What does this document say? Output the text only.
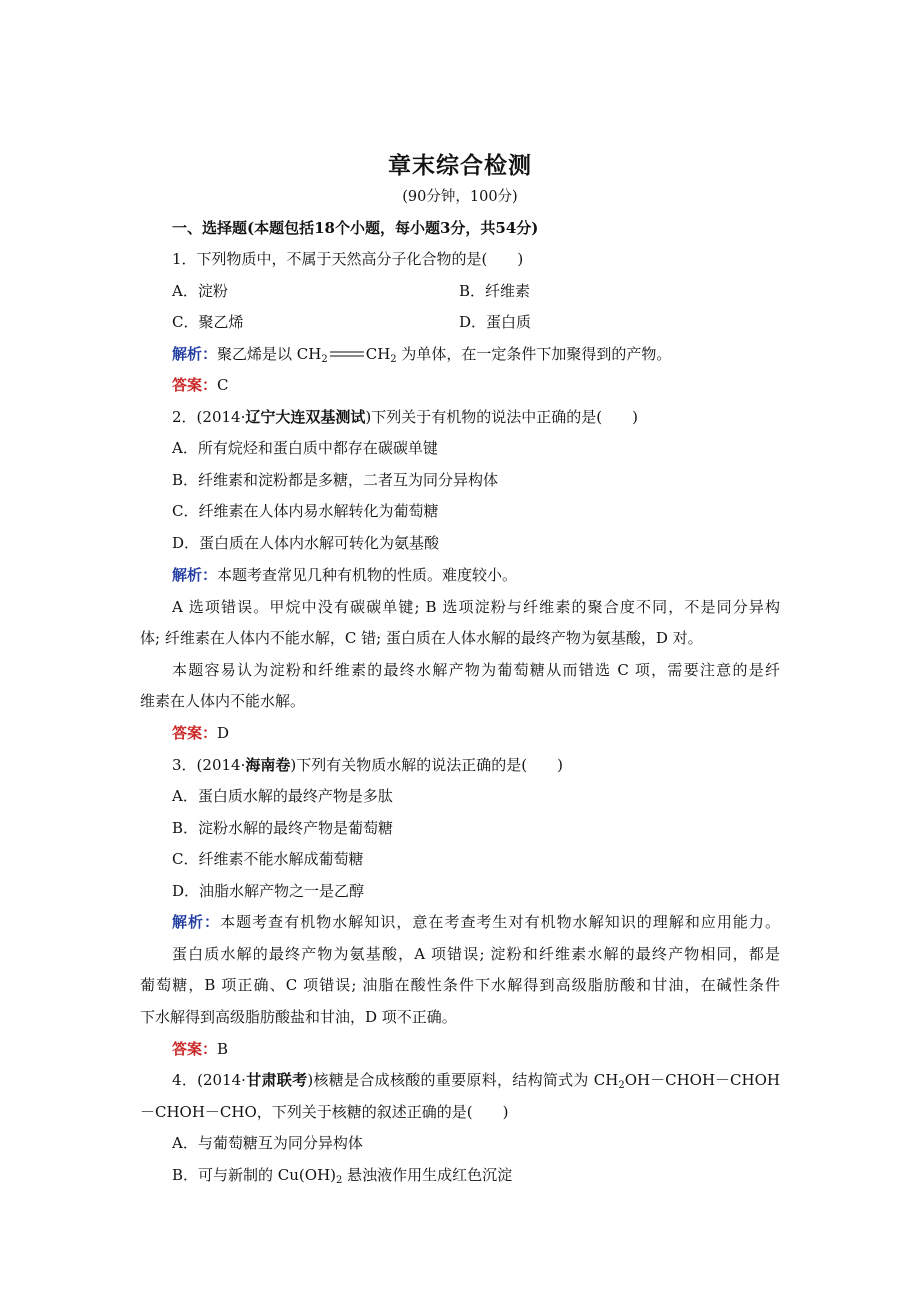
章末综合检测
(90分钟，100分)
一、选择题(本题包括18个小题，每小题3分，共54分)
1．下列物质中，不属于天然高分子化合物的是(　　)
A．淀粉	B．纤维素
C．聚乙烯	D．蛋白质
解析：聚乙烯是以 $CH_2$	$CH_2$ 为单体，在一定条件下加聚得到的产物。
答案：C
2．(2014·辽宁大连双基测试)下列关于有机物的说法中正确的是(　　)
A．所有烷烃和蛋白质中都存在碳碳单键
B．纤维素和淀粉都是多糖，二者互为同分异构体
C．纤维素在人体内易水解转化为葡萄糖
D．蛋白质在人体内水解可转化为氨基酸
解析：本题考查常见几种有机物的性质。难度较小。
A 选项错误。甲烷中没有碳碳单键; B 选项淀粉与纤维素的聚合度不同，不是同分异构
体; 纤维素在人体内不能水解，C 错; 蛋白质在人体水解的最终产物为氨基酸，D 对。
本题容易认为淀粉和纤维素的最终水解产物为葡萄糖从而错选 C 项，需要注意的是纤
维素在人体内不能水解。
答案：D
3．(2014·海南卷)下列有关物质水解的说法正确的是(　　)
A．蛋白质水解的最终产物是多肽
B．淀粉水解的最终产物是葡萄糖
C．纤维素不能水解成葡萄糖
D．油脂水解产物之一是乙醇
解析：本题考查有机物水解知识，意在考查考生对有机物水解知识的理解和应用能力。
蛋白质水解的最终产物为氨基酸，A 项错误; 淀粉和纤维素水解的最终产物相同，都是
葡萄糖，B 项正确、C 项错误; 油脂在酸性条件下水解得到高级脂肪酸和甘油，在碱性条件
下水解得到高级脂肪酸盐和甘油，D 项不正确。
答案：B
4．(2014·甘肃联考)核糖是合成核酸的重要原料，结构简式为 $CH_2OH-CHOH-CHOH$
－CHOH－CHO，下列关于核糖的叙述正确的是(　　)
A．与葡萄糖互为同分异构体
B．可与新制的 $Cu(OH)_2$ 悬浊液作用生成红色沉淀
